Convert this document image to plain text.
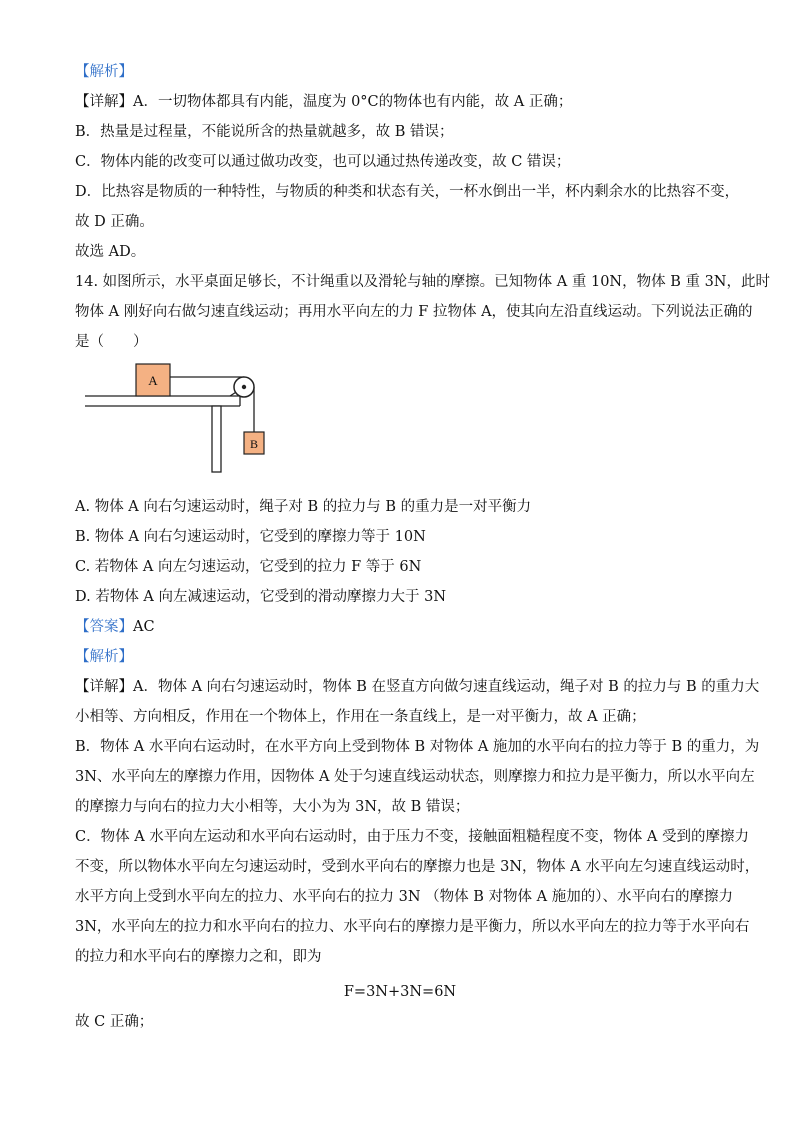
【解析】
【详解】A．一切物体都具有内能，温度为 0°C的物体也有内能，故 A 正确；
B．热量是过程量，不能说所含的热量就越多，故 B 错误；
C．物体内能的改变可以通过做功改变，也可以通过热传递改变，故 C 错误；
D．比热容是物质的一种特性，与物质的种类和状态有关，一杯水倒出一半，杯内剩余水的比热容不变，
故 D 正确。
故选 AD。
14. 如图所示，水平桌面足够长，不计绳重以及滑轮与轴的摩擦。已知物体 A 重 10N，物体 B 重 3N，此时
物体 A 刚好向右做匀速直线运动；再用水平向左的力 F 拉物体 A，使其向左沿直线运动。下列说法正确的
是（　　）
A
B
A. 物体 A 向右匀速运动时，绳子对 B 的拉力与 B 的重力是一对平衡力
B. 物体 A 向右匀速运动时，它受到的摩擦力等于 10N
C. 若物体 A 向左匀速运动，它受到的拉力 F 等于 6N
D. 若物体 A 向左减速运动，它受到的滑动摩擦力大于 3N
【答案】AC
【解析】
【详解】A．物体 A 向右匀速运动时，物体 B 在竖直方向做匀速直线运动，绳子对 B 的拉力与 B 的重力大
小相等、方向相反，作用在一个物体上，作用在一条直线上，是一对平衡力，故 A 正确；
B．物体 A 水平向右运动时，在水平方向上受到物体 B 对物体 A 施加的水平向右的拉力等于 B 的重力，为
3N、水平向左的摩擦力作用，因物体 A 处于匀速直线运动状态，则摩擦力和拉力是平衡力，所以水平向左
的摩擦力与向右的拉力大小相等，大小为为 3N，故 B 错误；
C．物体 A 水平向左运动和水平向右运动时，由于压力不变，接触面粗糙程度不变，物体 A 受到的摩擦力
不变，所以物体水平向左匀速运动时，受到水平向右的摩擦力也是 3N，物体 A 水平向左匀速直线运动时，
水平方向上受到水平向左的拉力、水平向右的拉力 3N （物体 B 对物体 A 施加的）、水平向右的摩擦力
3N，水平向左的拉力和水平向右的拉力、水平向右的摩擦力是平衡力，所以水平向左的拉力等于水平向右
的拉力和水平向右的摩擦力之和，即为
F=3N+3N=6N
故 C 正确；
